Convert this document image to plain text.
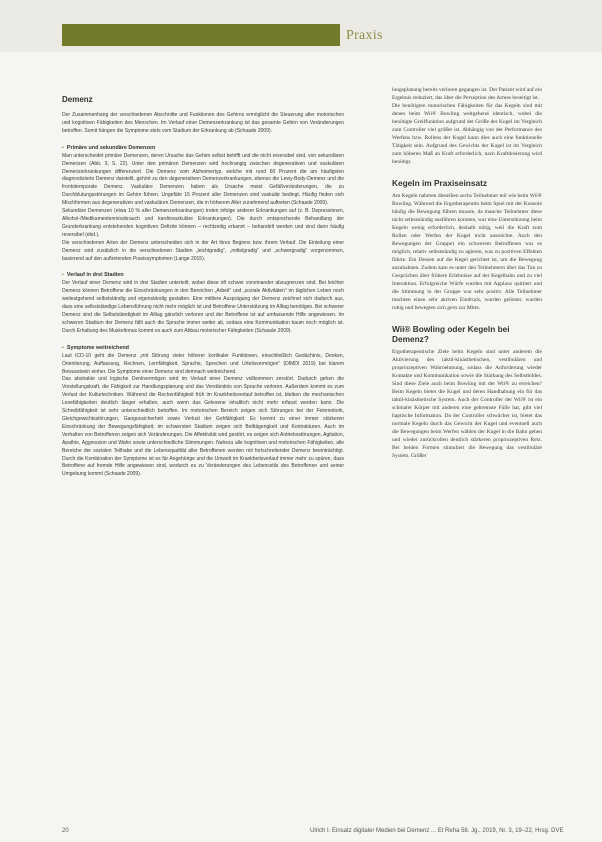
Praxis
Demenz

Der Zusammenhang der verschiedenen Abschnitte und Funktionen des Gehirns ermöglicht die Steuerung aller motorischen und kognitiven Fähigkeiten des Menschen. Im Verlauf einer Demenzerkrankung ist das gesamte Gehirn von Veränderungen betroffen. Somit hängen die Symptome stets vom Stadium der Erkrankung ab (Schaade 2009).

▪ Primäre und sekundäre Demenzen

Man unterscheidet primäre Demenzen, deren Ursache das Gehirn selbst betrifft und die nicht reversibel sind, von sekundären Demenzen (Abb. 3, S. 22). Unter den primären Demenzen wird hochrangig zwischen degenerativen und vaskulären Demenzerkrankungen differenziert. Die Demenz vom Alzheimertyp, welche mit rund 60 Prozent die am häufigsten diagnostizierte Demenz darstellt, gehört zu den degenerativen Demenzerkrankungen, ebenso die Lewy-Body-Demenz und die frontotemporale Demenz. Vaskuläre Demenzen haben als Ursache meist Gefäßveränderungen, die zu Durchblutungsstörungen im Gehirn führen. Ungefähr 15 Prozent aller Demenzen sind vaskulär bedingt. Häufig finden sich Mischformen aus degenerativen und vaskulären Demenzen, die in höherem Alter zunehmend auftreten (Schaade 2009).

Sekundäre Demenzen (etwa 10 % aller Demenzerkrankungen) treten infolge anderer Erkrankungen auf (z. B. Depressionen, Alkohol-/Medikamentenmissbrauch und kardiovaskuläre Erkrankungen). Die durch entsprechende Behandlung der Grunderkrankung entstehenden kognitiven Defizite können – rechtzeitig erkannt – behandelt werden und sind dann häufig reversibel (ebd.).

Die verschiedenen Arten der Demenz unterscheiden sich in der Art ihres Beginns bzw. ihrem Verlauf. Die Einteilung einer Demenz wird zusätzlich in die verschiedenen Stadien „leichtgradig“, „mittelgradig“ und „schwergradig“ vorgenommen, basierend auf den auftretenden Praxissymptomen (Lange 2015).

▪ Verlauf in drei Stadien

Der Verlauf einer Demenz wird in drei Stadien unterteilt, wobei diese oft schwer voneinander abzugrenzen sind. Bei leichter Demenz können Betroffene die Einschränkungen in den Bereichen „Arbeit“ und „soziale Aktivitäten“ im täglichen Leben noch weitestgehend selbstständig und eigenständig gestalten. Eine mittlere Ausprägung der Demenz zeichnet sich dadurch aus, dass eine selbstständige Lebensführung nicht mehr möglich ist und Betroffene Unterstützung im Alltag benötigen. Bei schwerer Demenz sind die Selbstständigkeit im Alltag gänzlich verloren und der Betroffene ist auf umfassende Hilfe angewiesen. Im schweren Stadium der Demenz fällt auch die Sprache immer weiter ab, sodass eine Kommunikation kaum noch möglich ist. Durch Erhaltung des Muskeltonus kommt es auch zum Abbau motorischer Fähigkeiten (Schaade 2009).

▪ Symptome weitreichend

Laut ICD-10 geht die Demenz „mit Störung vieler höherer kortikaler Funktionen, einschließlich Gedächtnis, Denken, Orientierung, Auffassung, Rechnen, Lernfähigkeit, Sprache, Sprechen und Urteilsvermögen“ (DIMDI 2019) bei klarem Bewusstsein einher. Die Symptome einer Demenz sind demnach weitreichend.

Das abstrakte und logische Denkvermögen wird im Verlauf einer Demenz vollkommen zerstört. Dadurch gehen die Vorstellungskraft, die Fähigkeit zur Handlungsplanung und das Verständnis von Sprache verloren. Außerdem kommt es zum Verlust der Kulturtechniken. Während die Rechenfähigkeit früh im Krankheitsverlauf betroffen ist, bleiben die mechanischen Lesefähigkeiten deutlich länger erhalten, auch wenn das Gelesene inhaltlich nicht mehr erfasst werden kann. Die Schreibfähigkeit ist sehr unterschiedlich betroffen. Im motorischen Bereich zeigen sich Störungen bei der Feinmotorik, Gleichgewichtsstörungen, Gangunsicherheit sowie Verlust der Gehfähigkeit. Es kommt zu einer immer stärkeren Einschränkung der Bewegungsfähigkeit; im schwersten Stadium zeigen sich Bettlägerigkeit und Kontrakturen. Auch im Verhalten von Betroffenen zeigen sich Veränderungen. Die Affektivität wird gestört, es zeigen sich Antriebsstörungen, Agitation, Apathie, Aggression und Wahn sowie unterschiedliche Stimmungen. Nahezu alle kognitiven und motorischen Fähigkeiten, alle Bereiche der sozialen Teilhabe und die Lebensqualität aller Betroffenen werden mit fortschreitender Demenz beeinträchtigt. Durch die Kombination der Symptome ist es für Angehörige und die Umwelt im Krankheitsverlauf immer mehr zu spüren, dass Betroffene auf fremde Hilfe angewiesen sind, wodurch es zu Veränderungen des Lebensstils des Betroffenen und seiner Umgebung kommt (Schaade 2009).

lungsplanung bereits verloren gegangen ist. Der Patient wird auf ein Ergebnis reduziert, das über die Perzeption des Armes beseitigt ist.

Die benötigten motorischen Fähigkeiten für das Kegeln sind mit denen beim Wii® Bowling weitgehend identisch, wobei die benötigte Greiffunktion aufgrund der Größe der Kugel im Vergleich zum Controller viel größer ist. Abhängig von der Performance des Werfens bzw. Rollens der Kugel kann dies auch eine funktionelle Tätigkeit sein. Aufgrund des Gewichts der Kugel ist im Vergleich zum höheren Maß an Kraft erforderlich, nach Kraftdosierung wird benötigt.

Kegeln im Praxiseinsatz

Am Kegeln nahmen dieselben sechs Teilnehmer teil wie beim Wii® Bowling. Während die Ergotherapeutin beim Spiel mit der Konsole häufig die Bewegung führen musste, da manche Teilnehmer diese nicht selbstständig ausführen konnten, war eine Unterstützung beim Kegeln wenig erforderlich, deshalb nötig, weil die Kraft zum Rollen oder Werfen der Kugel nicht ausreichte. Auch den Bewegungen der Gruppe) ein schwerem Betroffenen war es möglich, relativ selbstständig zu agieren, was zu positiven Effekten führte. Ein Dessen auf die Kegel gerichtet ist, um die Bewegung anzubahnen. Zudem kam es unter den Teilnehmern über das Tun zu Gesprächen über frühere Erlebnisse auf der Kegelbahn und zu viel Interaktion. Erfolgreiche Würfe wurden mit Applaus quittiert und die Stimmung in der Gruppe war sehr positiv. Alle Teilnehmer machten einen sehr aktiven Eindruck, wurden gelöster, wurden ruhig und bewegten sich gern zur Mitte.

Wii® Bowling oder Kegeln bei Demenz?

Ergotherapeutische Ziele beim Kegeln sind unter anderem die Aktivierung des taktil-kinästhetischen, vestibulären und propriozeptiven Wahrnehmung, sodass die Anforderung wieder Kontakte und Kommunikation sowie die Stärkung des Selbstbildes. Sind diese Ziele auch beim Bowling mit der Wii® zu erreichen? Beim Kegeln bietet die Kugel und deren Handhabung ein für das taktil-kinästhetische System. Auch der Controller der Wii® ist ein schmaler Körper mit anderen eine gebremste Fülle hat, gibt viel haptische Information. Da der Controller schwächer ist, bietet das normale Kegeln durch das Gewicht der Kugel und eventuell auch die Bewegungen beim Werfen wählen der Kugel in die Bahn gehen und wieder zurückrollen deutlich stärkeren propriozeptiven Reiz. Bei beiden Formen stimuliert die Bewegung das vestibuläre System. Größer

20	Ulrich I. Einsatz digitaler Medien bei Demenz ... Et Reha 58. Jg., 2019, Nr. 3, 19–22, Hrsg. DVE
